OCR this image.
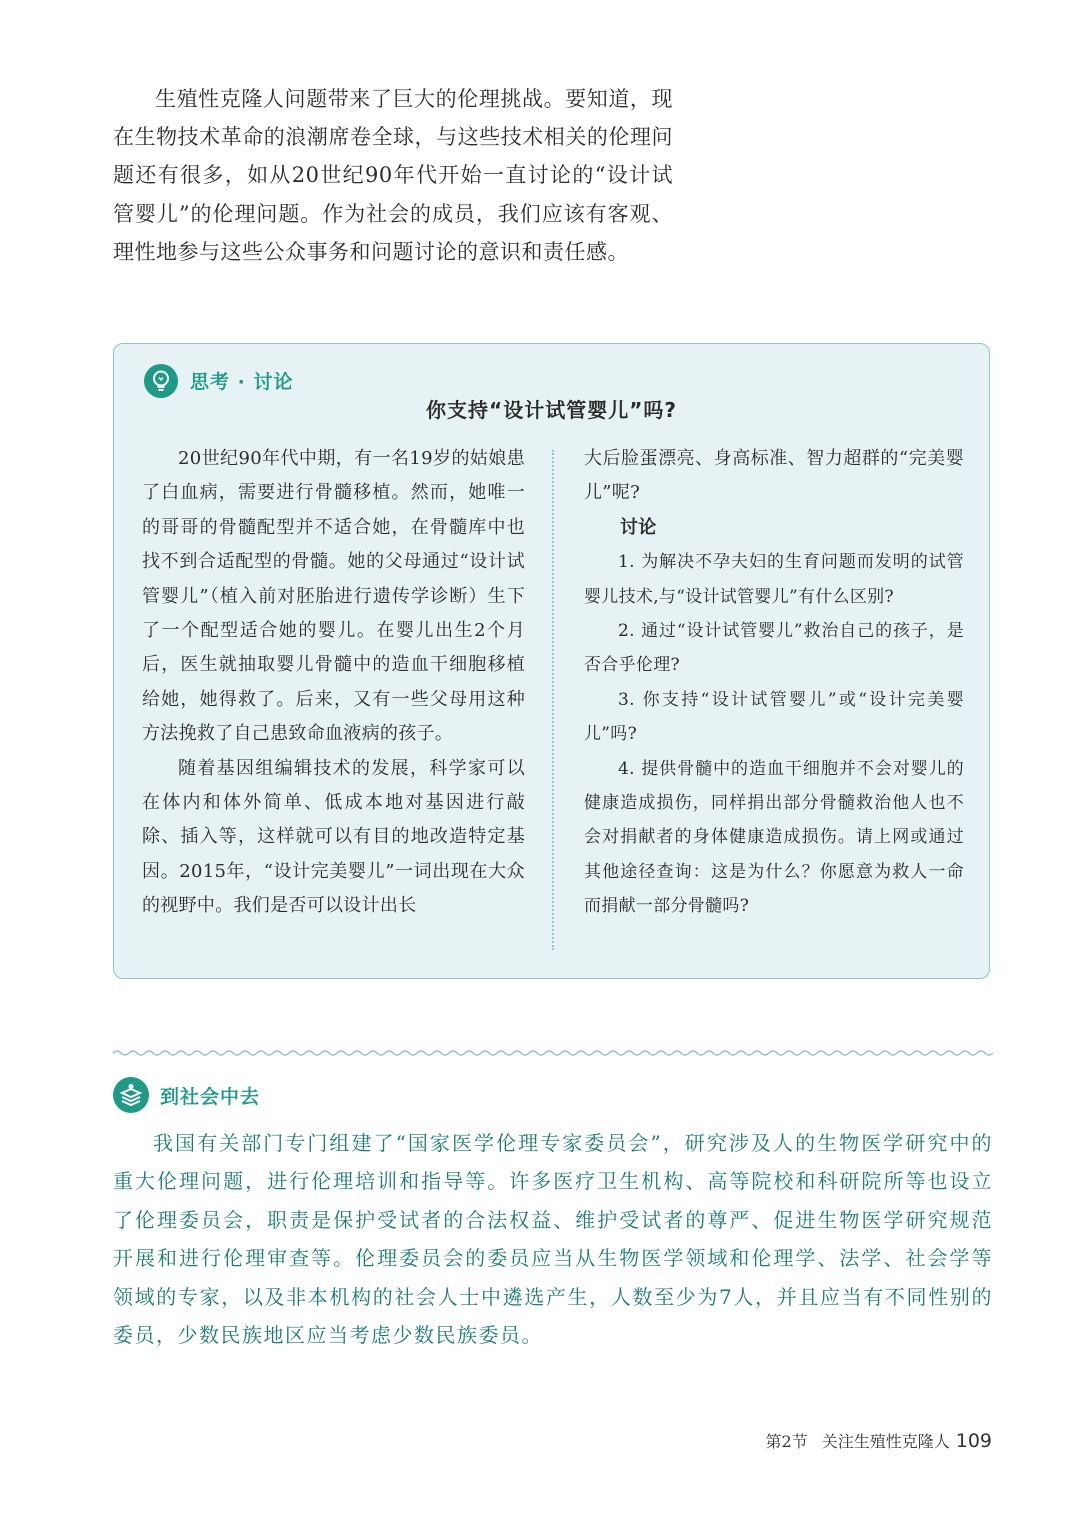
生殖性克隆人问题带来了巨大的伦理挑战。要知道，现在生物技术革命的浪潮席卷全球，与这些技术相关的伦理问题还有很多，如从20世纪90年代开始一直讨论的“设计试管婴儿”的伦理问题。作为社会的成员，我们应该有客观、理性地参与这些公众事务和问题讨论的意识和责任感。

思考 · 讨论
你支持“设计试管婴儿”吗?

20世纪90年代中期，有一名19岁的姑娘患了白血病，需要进行骨髓移植。然而，她唯一的哥哥的骨髓配型并不适合她，在骨髓库中也找不到合适配型的骨髓。她的父母通过“设计试管婴儿”（植入前对胚胎进行遗传学诊断）生下了一个配型适合她的婴儿。在婴儿出生2个月后，医生就抽取婴儿骨髓中的造血干细胞移植给她，她得救了。后来，又有一些父母用这种方法挽救了自己患致命血液病的孩子。

随着基因组编辑技术的发展，科学家可以在体内和体外简单、低成本地对基因进行敲除、插入等，这样就可以有目的地改造特定基因。2015年，“设计完美婴儿”一词出现在大众的视野中。我们是否可以设计出长

大后脸蛋漂亮、身高标准、智力超群的“完美婴儿”呢?

讨论

1. 为解决不孕夫妇的生育问题而发明的试管婴儿技术,与“设计试管婴儿”有什么区别?

2. 通过“设计试管婴儿”救治自己的孩子，是否合乎伦理?

3. 你支持“设计试管婴儿”或“设计完美婴儿”吗?

4. 提供骨髓中的造血干细胞并不会对婴儿的健康造成损伤，同样捐出部分骨髓救治他人也不会对捐献者的身体健康造成损伤。请上网或通过其他途径查询：这是为什么？你愿意为救人一命而捐献一部分骨髓吗?

到社会中去

我国有关部门专门组建了“国家医学伦理专家委员会”，研究涉及人的生物医学研究中的重大伦理问题，进行伦理培训和指导等。许多医疗卫生机构、高等院校和科研院所等也设立了伦理委员会，职责是保护受试者的合法权益、维护受试者的尊严、促进生物医学研究规范开展和进行伦理审查等。伦理委员会的委员应当从生物医学领域和伦理学、法学、社会学等领域的专家，以及非本机构的社会人士中遴选产生，人数至少为7人，并且应当有不同性别的委员，少数民族地区应当考虑少数民族委员。

第2节 关注生殖性克隆人 109
